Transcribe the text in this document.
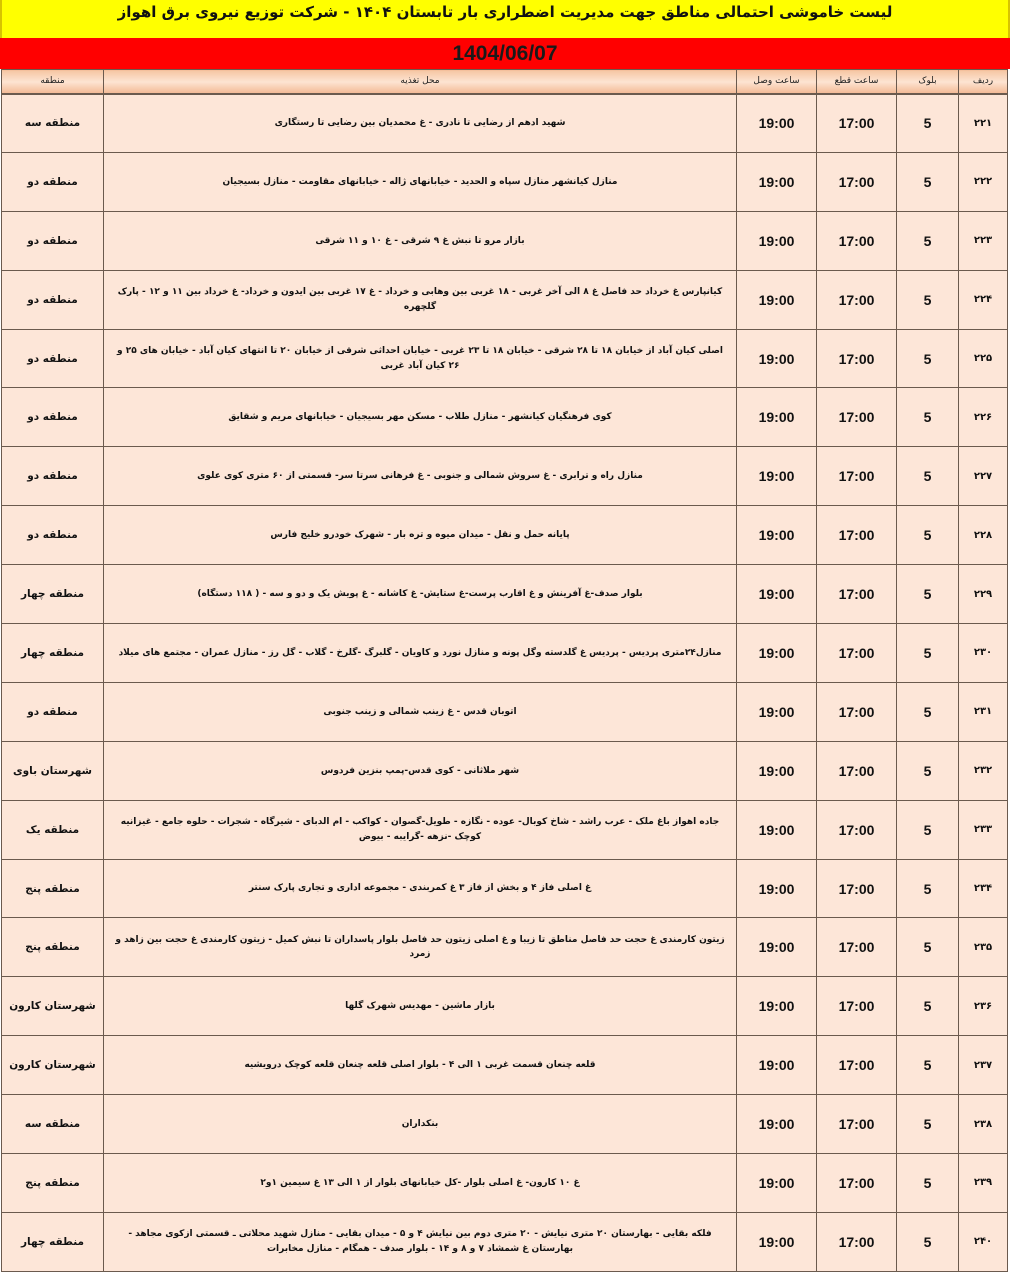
لیست خاموشی احتمالی مناطق جهت مدیریت اضطراری بار تابستان ۱۴۰۴ - شرکت توزیع نیروی برق اهواز
1404/06/07
ردیف	بلوک	ساعت قطع	ساعت وصل	محل تغذیه	منطقه
۲۲۱	5	17:00	19:00	شهید ادهم از رضایی تا نادری - غ محمدیان بین رضایی تا رستگاری	منطقه سه
۲۲۲	5	17:00	19:00	منازل کیانشهر منازل سپاه و الحدید - خیابانهای ژاله - خیابانهای مقاومت - منازل بسیجیان	منطقه دو
۲۲۳	5	17:00	19:00	بازار مرو تا نبش غ ۹ شرقی - غ ۱۰ و ۱۱ شرقی	منطقه دو
۲۲۴	5	17:00	19:00	کیانپارس غ خرداد حد فاصل غ ۸ الی آخر غربی - ۱۸ غربی بین وهابی و خرداد - غ ۱۷ غربی بین ایدون و خرداد- غ خرداد بین ۱۱ و ۱۲ - پارک گلچهره	منطقه دو
۲۲۵	5	17:00	19:00	اصلی کیان آباد از خیابان ۱۸ تا ۲۸ شرقی - خیابان ۱۸ تا ۲۳ غربی - خیابان احداثی شرقی از خیابان ۲۰ تا انتهای کیان آباد - خیابان های ۲۵ و ۲۶ کیان آباد غربی	منطقه دو
۲۲۶	5	17:00	19:00	کوی فرهنگیان کیانشهر - منازل طلاب - مسکن مهر بسیجیان - خیابانهای مریم و شقایق	منطقه دو
۲۲۷	5	17:00	19:00	منازل راه و ترابری - غ سروش شمالی و جنوبی - غ فرهانی سرتا سر- قسمتی از ۶۰ متری کوی علوی	منطقه دو
۲۲۸	5	17:00	19:00	پایانه حمل و نقل - میدان میوه و تره بار - شهرک خودرو خلیج فارس	منطقه دو
۲۲۹	5	17:00	19:00	بلوار صدف-غ آفرینش و غ اقارب پرست-غ ستایش- غ کاشانه - غ پویش یک و دو و سه - ( ۱۱۸ دستگاه)	منطقه چهار
۲۳۰	5	17:00	19:00	منازل۲۴متری پردیس - پردیس غ گلدسته وگل پونه و منازل نورد و کاویان - گلبرگ -گلرخ - گلاب - گل رز - منازل عمران - مجتمع های میلاد	منطقه چهار
۲۳۱	5	17:00	19:00	اتوبان قدس - غ زینب شمالی و زینب جنوبی	منطقه دو
۲۳۲	5	17:00	19:00	شهر ملاثانی - کوی قدس-پمپ بنزین فردوس	شهرستان باوی
۲۳۳	5	17:00	19:00	جاده اهواز باغ ملک - عرب راشد - شاخ کوبال- عوده - نگازه - طویل-گصوان - کواکب - ام الدبای - شیرگاه - شجرات - حلوه جامع - غیزانیه کوچک -نزهه -گرایبه - بیوض	منطقه یک
۲۳۴	5	17:00	19:00	غ اصلی فاز ۴ و بخش از فاز ۳ غ کمربندی - مجموعه اداری و تجاری پارک سنتر	منطقه پنج
۲۳۵	5	17:00	19:00	زیتون کارمندی غ حجت حد فاصل مناطق تا زیبا و غ اصلی زیتون حد فاصل بلوار پاسداران تا نبش کمیل - زیتون کارمندی غ حجت بین زاهد و زمرد	منطقه پنج
۲۳۶	5	17:00	19:00	بازار ماشین - مهدیس شهرک گلها	شهرستان کارون
۲۳۷	5	17:00	19:00	قلعه چنعان قسمت غربی ۱ الی ۴ - بلوار اصلی قلعه چنعان قلعه کوچک درویشیه	شهرستان کارون
۲۳۸	5	17:00	19:00	بنکداران	منطقه سه
۲۳۹	5	17:00	19:00	غ ۱۰ کارون- غ اصلی بلوار -کل خیابانهای بلوار از ۱ الی ۱۳ غ سیمین ۱و۲	منطقه پنج
۲۴۰	5	17:00	19:00	فلکه بقایی - بهارستان ۲۰ متری نیایش - ۲۰ متری دوم بین نیایش ۴ و ۵ - میدان بقایی - منازل شهید محلاتی ـ قسمتی ازکوی مجاهد - بهارستان غ شمشاد ۷ و ۸ و ۱۴ - بلوار صدف - همگام - منازل مخابرات	منطقه چهار
